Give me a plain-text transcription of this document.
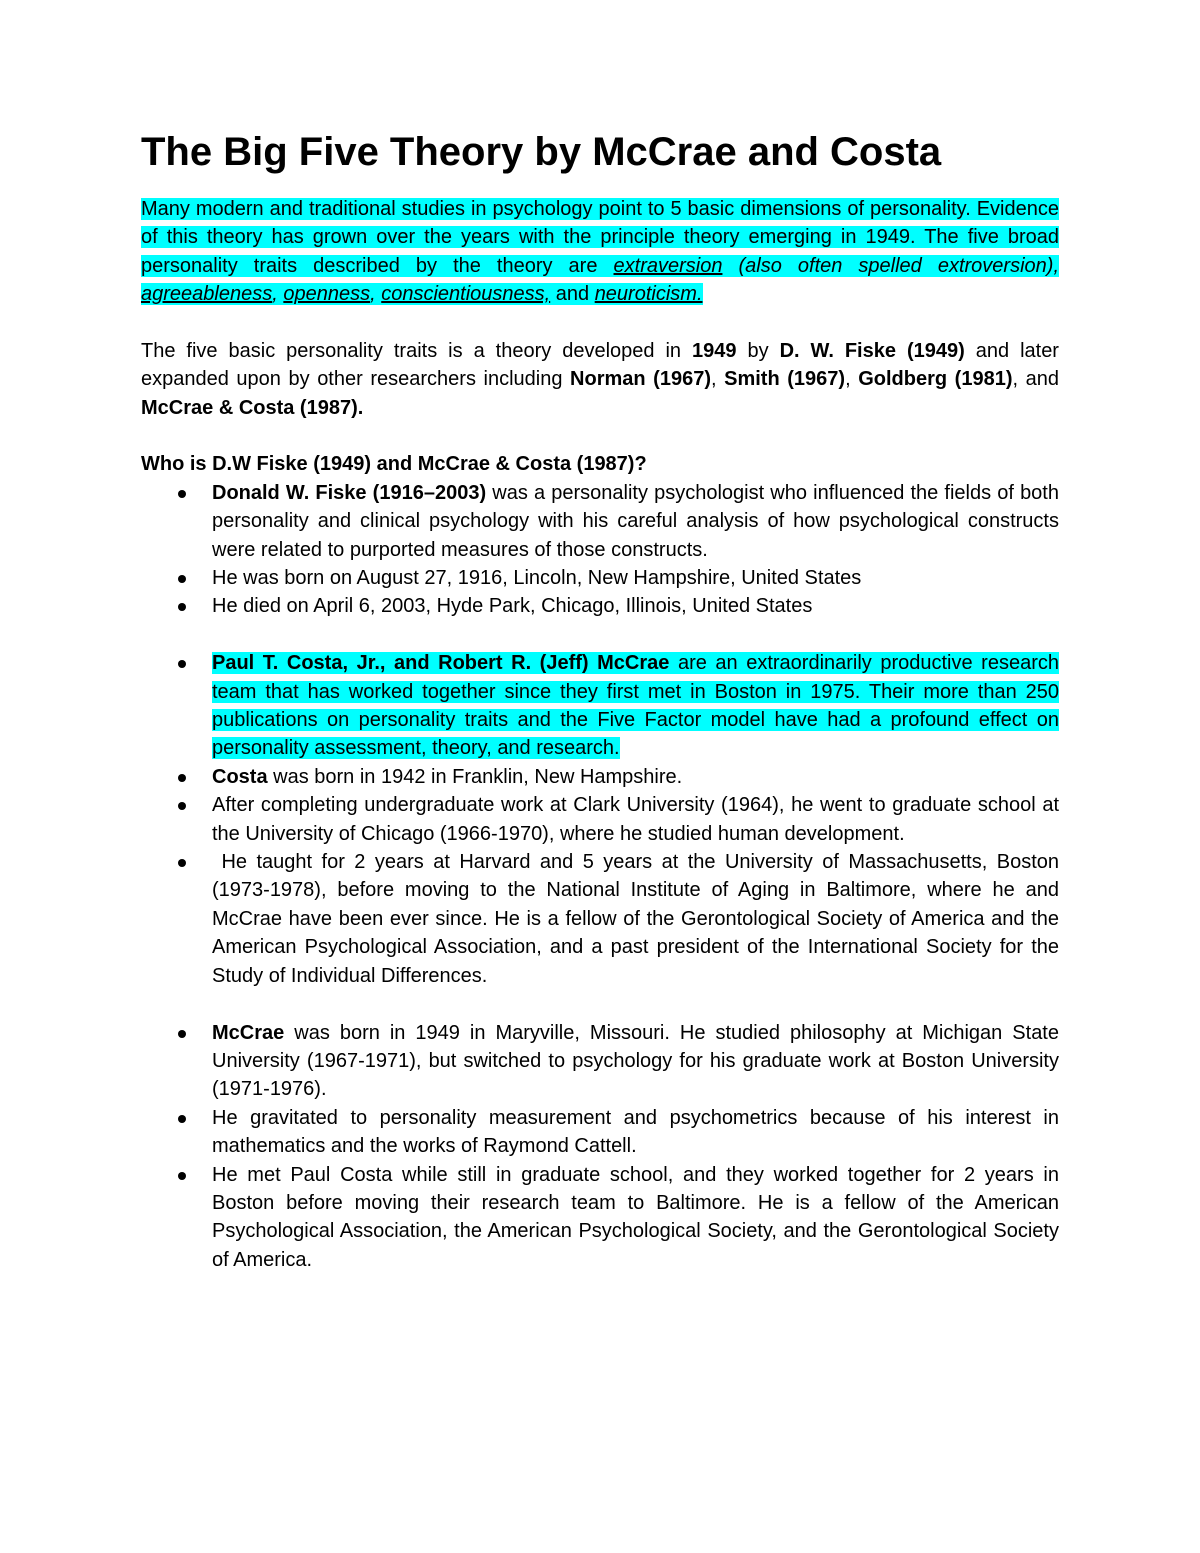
The Big Five Theory by McCrae and Costa

Many modern and traditional studies in psychology point to 5 basic dimensions of personality. Evidence of this theory has grown over the years with the principle theory emerging in 1949. The five broad personality traits described by the theory are extraversion (also often spelled extroversion), agreeableness, openness, conscientiousness, and neuroticism.

The five basic personality traits is a theory developed in 1949 by D. W. Fiske (1949) and later expanded upon by other researchers including Norman (1967), Smith (1967), Goldberg (1981), and McCrae & Costa (1987).

Who is D.W Fiske (1949) and McCrae & Costa (1987)?
Donald W. Fiske (1916–2003) was a personality psychologist who influenced the fields of both personality and clinical psychology with his careful analysis of how psychological constructs were related to purported measures of those constructs.
He was born on August 27, 1916, Lincoln, New Hampshire, United States
He died on April 6, 2003, Hyde Park, Chicago, Illinois, United States
Paul T. Costa, Jr., and Robert R. (Jeff) McCrae are an extraordinarily productive research team that has worked together since they first met in Boston in 1975. Their more than 250 publications on personality traits and the Five Factor model have had a profound effect on personality assessment, theory, and research.
Costa was born in 1942 in Franklin, New Hampshire.
After completing undergraduate work at Clark University (1964), he went to graduate school at the University of Chicago (1966-1970), where he studied human development.
He taught for 2 years at Harvard and 5 years at the University of Massachusetts, Boston (1973-1978), before moving to the National Institute of Aging in Baltimore, where he and McCrae have been ever since. He is a fellow of the Gerontological Society of America and the American Psychological Association, and a past president of the International Society for the Study of Individual Differences.
McCrae was born in 1949 in Maryville, Missouri. He studied philosophy at Michigan State University (1967-1971), but switched to psychology for his graduate work at Boston University (1971-1976).
He gravitated to personality measurement and psychometrics because of his interest in mathematics and the works of Raymond Cattell.
He met Paul Costa while still in graduate school, and they worked together for 2 years in Boston before moving their research team to Baltimore. He is a fellow of the American Psychological Association, the American Psychological Society, and the Gerontological Society of America.
